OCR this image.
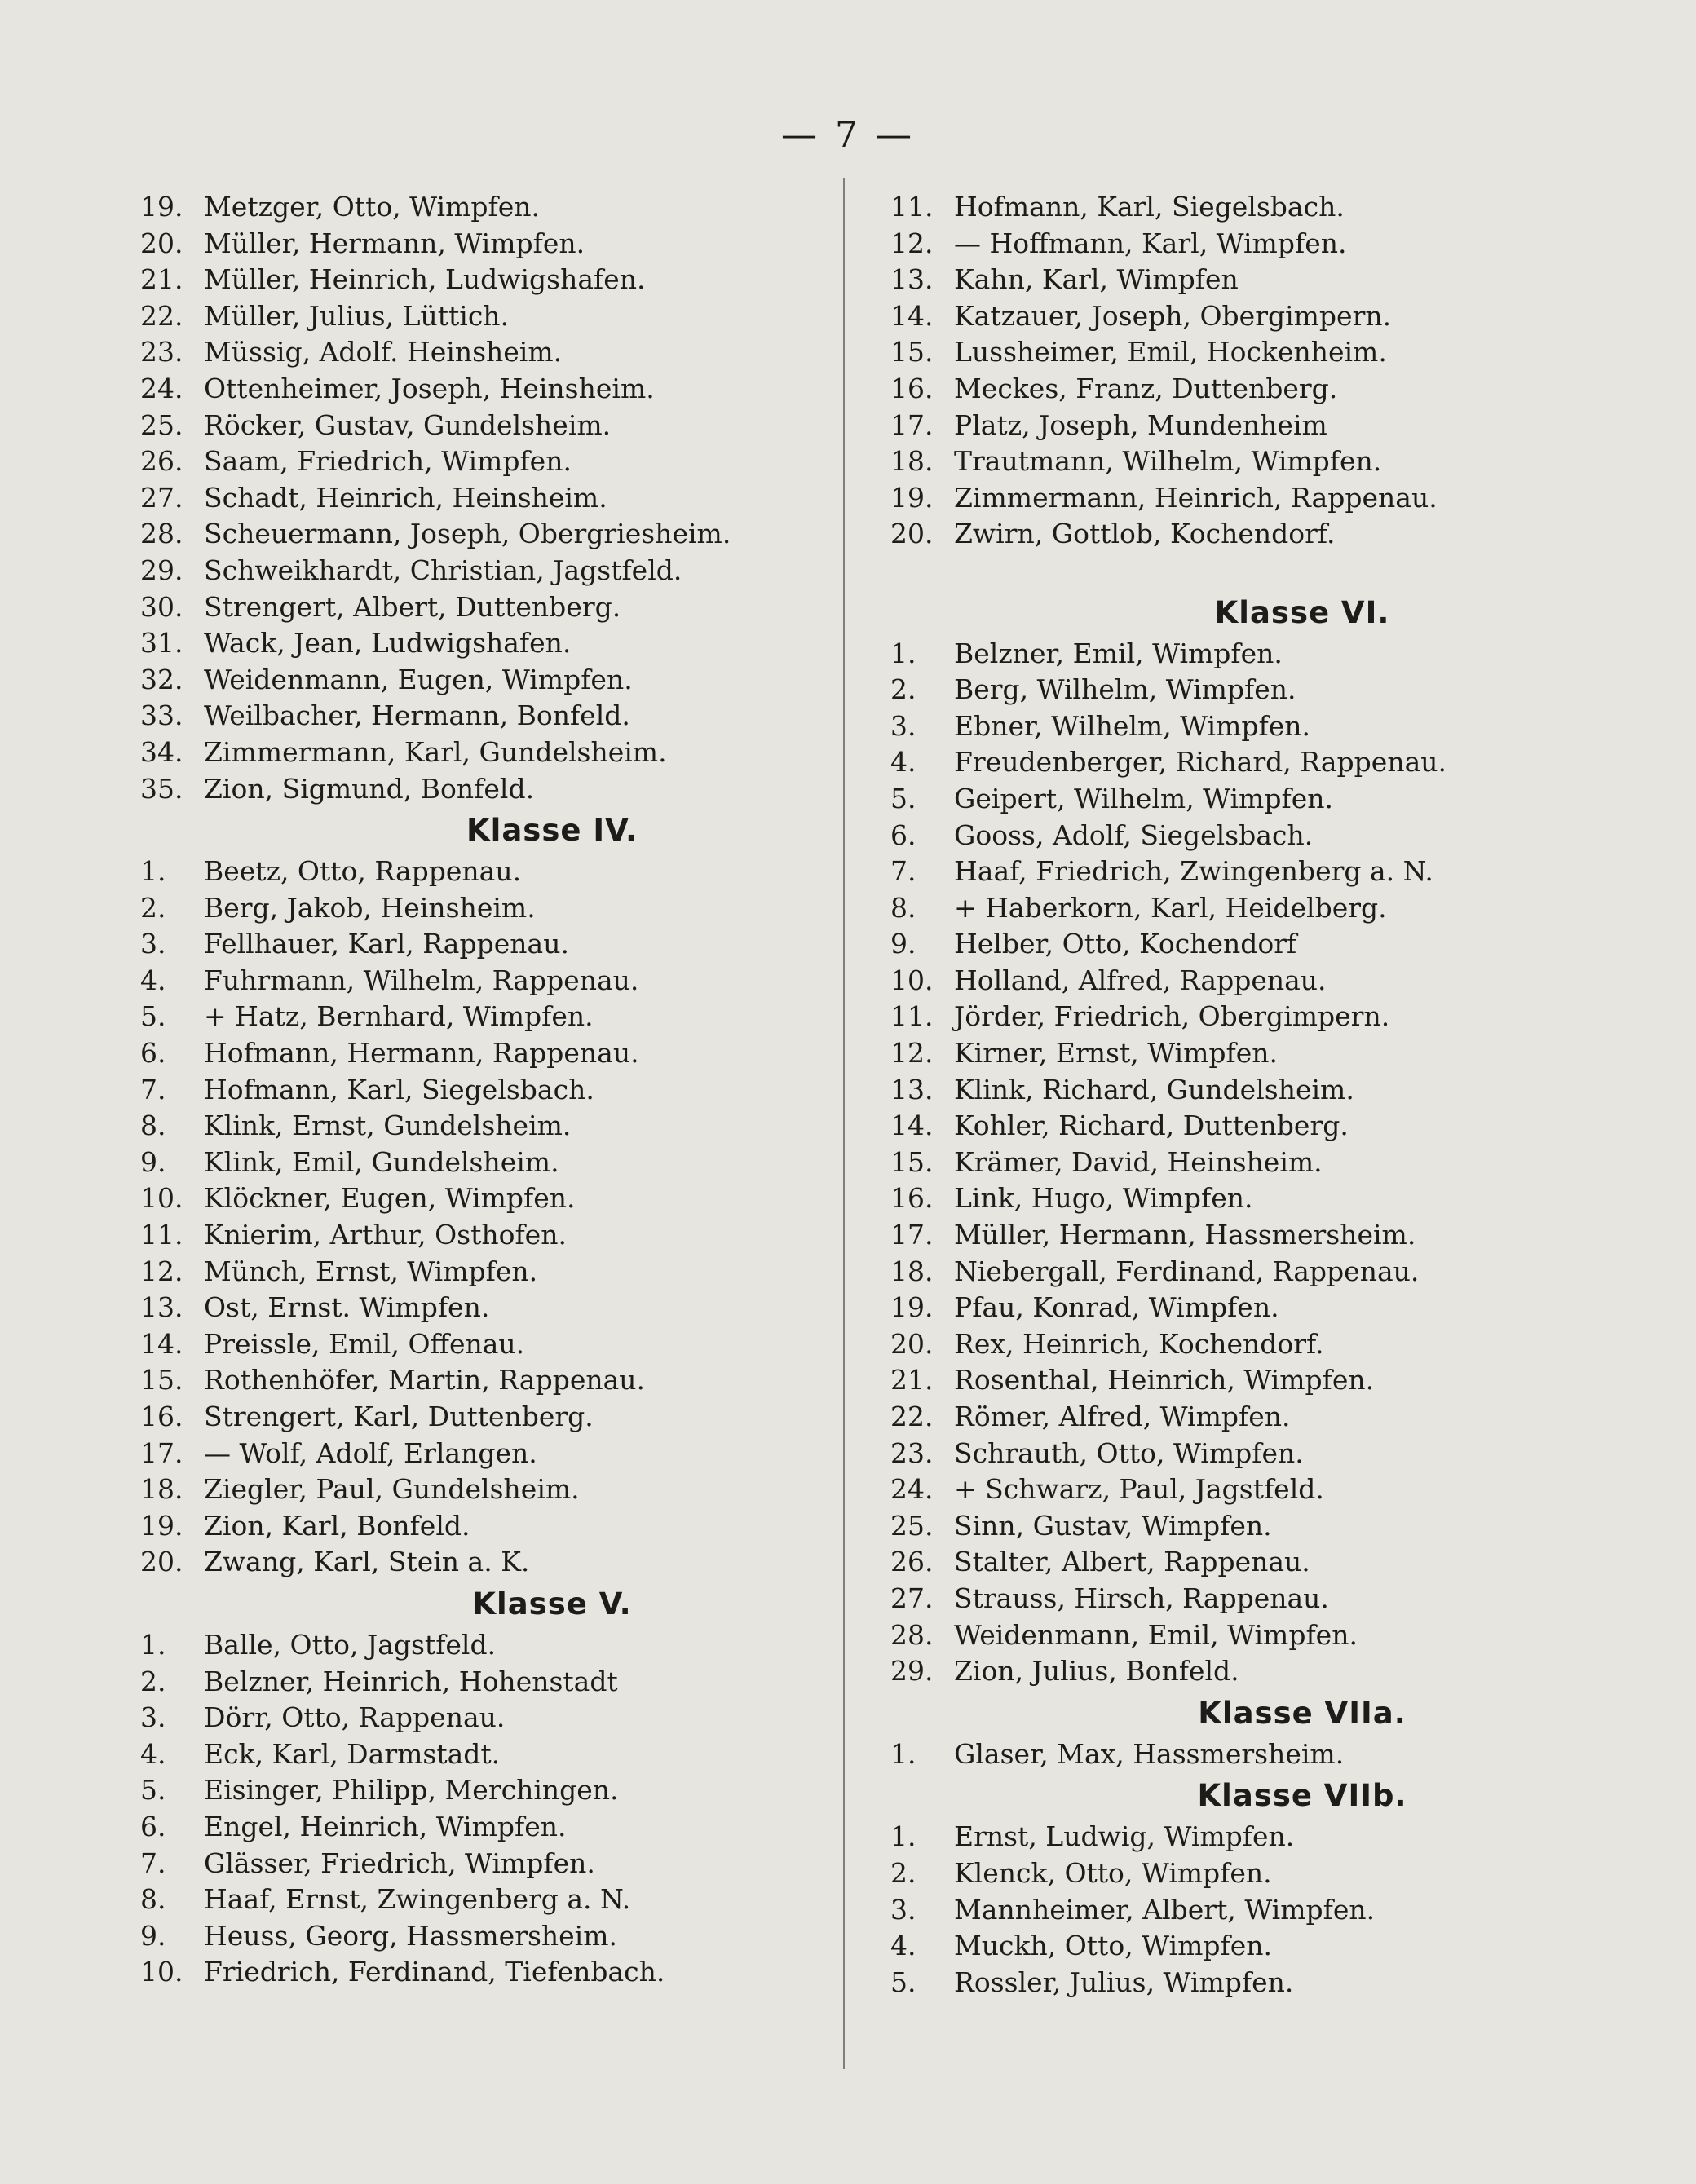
— 7 —
19. Metzger, Otto, Wimpfen.
20. Müller, Hermann, Wimpfen.
21. Müller, Heinrich, Ludwigshafen.
22. Müller, Julius, Lüttich.
23. Müssig, Adolf. Heinsheim.
24. Ottenheimer, Joseph, Heinsheim.
25. Röcker, Gustav, Gundelsheim.
26. Saam, Friedrich, Wimpfen.
27. Schadt, Heinrich, Heinsheim.
28. Scheuermann, Joseph, Obergriesheim.
29. Schweikhardt, Christian, Jagstfeld.
30. Strengert, Albert, Duttenberg.
31. Wack, Jean, Ludwigshafen.
32. Weidenmann, Eugen, Wimpfen.
33. Weilbacher, Hermann, Bonfeld.
34. Zimmermann, Karl, Gundelsheim.
35. Zion, Sigmund, Bonfeld.
Klasse IV.
1. Beetz, Otto, Rappenau.
2. Berg, Jakob, Heinsheim.
3. Fellhauer, Karl, Rappenau.
4. Fuhrmann, Wilhelm, Rappenau.
5. + Hatz, Bernhard, Wimpfen.
6. Hofmann, Hermann, Rappenau.
7. Hofmann, Karl, Siegelsbach.
8. Klink, Ernst, Gundelsheim.
9. Klink, Emil, Gundelsheim.
10. Klöckner, Eugen, Wimpfen.
11. Knierim, Arthur, Osthofen.
12. Münch, Ernst, Wimpfen.
13. Ost, Ernst. Wimpfen.
14. Preissle, Emil, Offenau.
15. Rothenhöfer, Martin, Rappenau.
16. Strengert, Karl, Duttenberg.
17. — Wolf, Adolf, Erlangen.
18. Ziegler, Paul, Gundelsheim.
19. Zion, Karl, Bonfeld.
20. Zwang, Karl, Stein a. K.
Klasse V.
1. Balle, Otto, Jagstfeld.
2. Belzner, Heinrich, Hohenstadt
3. Dörr, Otto, Rappenau.
4. Eck, Karl, Darmstadt.
5. Eisinger, Philipp, Merchingen.
6. Engel, Heinrich, Wimpfen.
7. Glässer, Friedrich, Wimpfen.
8. Haaf, Ernst, Zwingenberg a. N.
9. Heuss, Georg, Hassmersheim.
10. Friedrich, Ferdinand, Tiefenbach.
11. Hofmann, Karl, Siegelsbach.
12. — Hoffmann, Karl, Wimpfen.
13. Kahn, Karl, Wimpfen
14. Katzauer, Joseph, Obergimpern.
15. Lussheimer, Emil, Hockenheim.
16. Meckes, Franz, Duttenberg.
17. Platz, Joseph, Mundenheim
18. Trautmann, Wilhelm, Wimpfen.
19. Zimmermann, Heinrich, Rappenau.
20. Zwirn, Gottlob, Kochendorf.
Klasse VI.
1. Belzner, Emil, Wimpfen.
2. Berg, Wilhelm, Wimpfen.
3. Ebner, Wilhelm, Wimpfen.
4. Freudenberger, Richard, Rappenau.
5. Geipert, Wilhelm, Wimpfen.
6. Gooss, Adolf, Siegelsbach.
7. Haaf, Friedrich, Zwingenberg a. N.
8. + Haberkorn, Karl, Heidelberg.
9. Helber, Otto, Kochendorf
10. Holland, Alfred, Rappenau.
11. Jörder, Friedrich, Obergimpern.
12. Kirner, Ernst, Wimpfen.
13. Klink, Richard, Gundelsheim.
14. Kohler, Richard, Duttenberg.
15. Krämer, David, Heinsheim.
16. Link, Hugo, Wimpfen.
17. Müller, Hermann, Hassmersheim.
18. Niebergall, Ferdinand, Rappenau.
19. Pfau, Konrad, Wimpfen.
20. Rex, Heinrich, Kochendorf.
21. Rosenthal, Heinrich, Wimpfen.
22. Römer, Alfred, Wimpfen.
23. Schrauth, Otto, Wimpfen.
24. + Schwarz, Paul, Jagstfeld.
25. Sinn, Gustav, Wimpfen.
26. Stalter, Albert, Rappenau.
27. Strauss, Hirsch, Rappenau.
28. Weidenmann, Emil, Wimpfen.
29. Zion, Julius, Bonfeld.
Klasse VIIa.
1. Glaser, Max, Hassmersheim.
Klasse VIIb.
1. Ernst, Ludwig, Wimpfen.
2. Klenck, Otto, Wimpfen.
3. Mannheimer, Albert, Wimpfen.
4. Muckh, Otto, Wimpfen.
5. Rossler, Julius, Wimpfen.
